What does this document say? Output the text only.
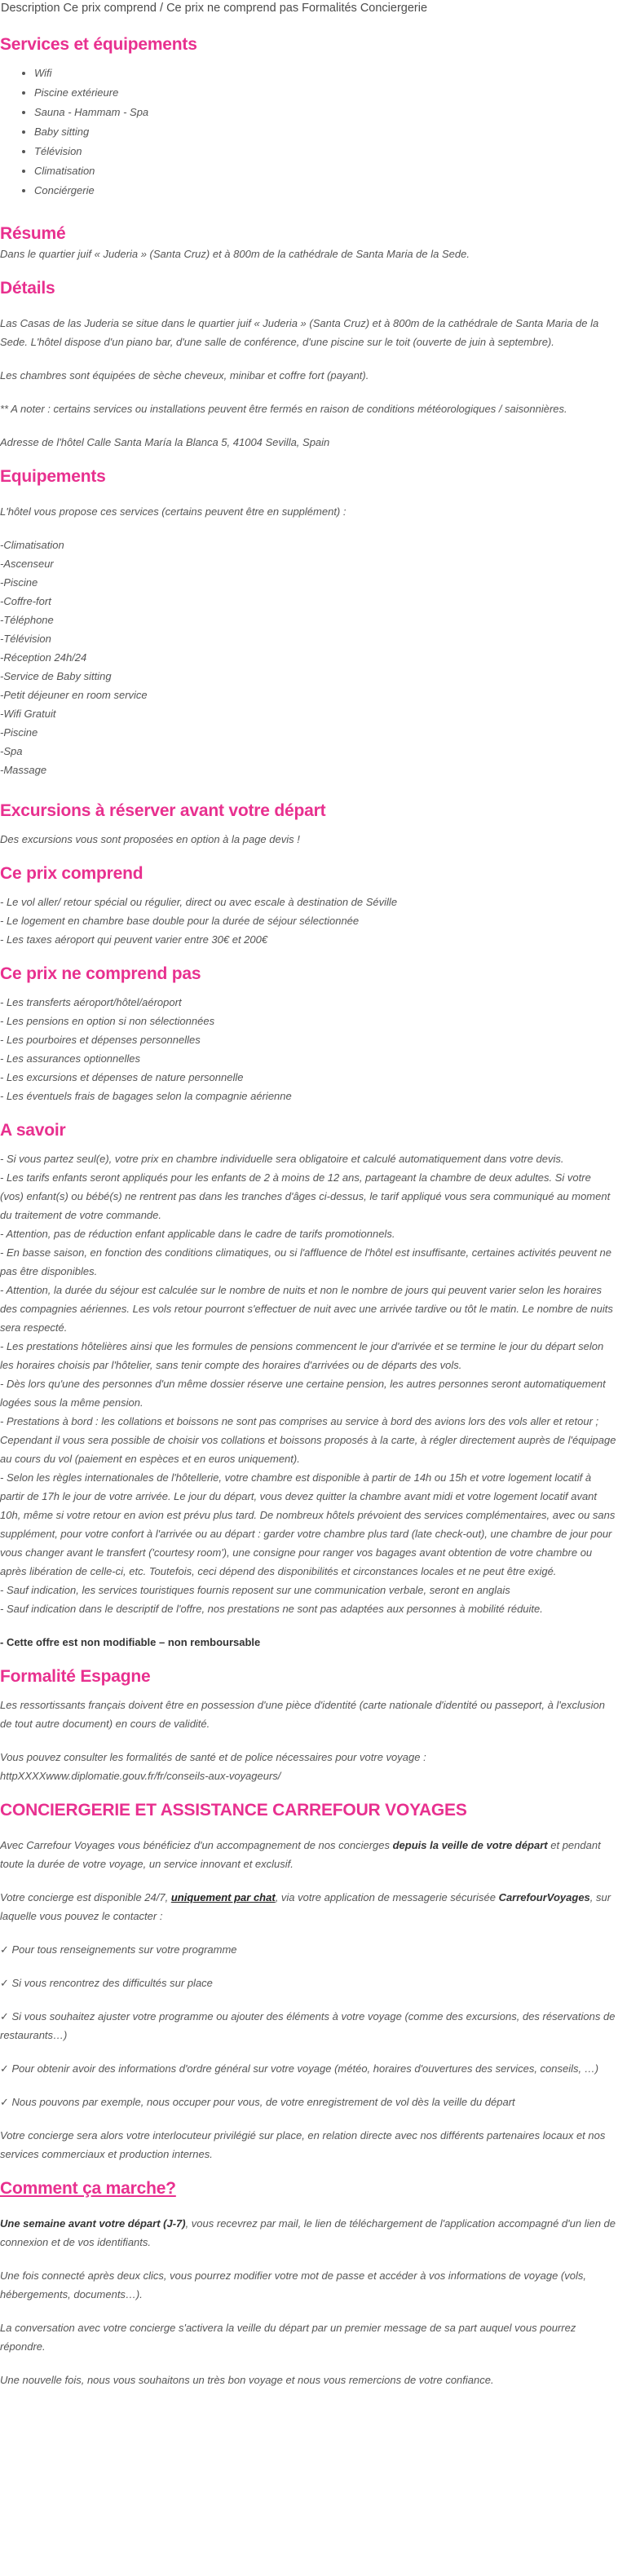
Description Ce prix comprend / Ce prix ne comprend pas Formalités Conciergerie
Services et équipements
• Wifi
• Piscine extérieure
• Sauna - Hammam - Spa
• Baby sitting
• Télévision
• Climatisation
• Conciérgerie
Résumé

Dans le quartier juif « Juderia » (Santa Cruz) et à 800m de la cathédrale de Santa Maria de la Sede.

Détails

Las Casas de las Juderia se situe dans le quartier juif « Juderia » (Santa Cruz) et à 800m de la cathédrale de Santa Maria de la Sede. L'hôtel dispose d'un piano bar, d'une salle de conférence, d'une piscine sur le toit (ouverte de juin à septembre).

Les chambres sont équipées de sèche cheveux, minibar et coffre fort (payant).

** A noter : certains services ou installations peuvent être fermés en raison de conditions météorologiques / saisonnières.

Adresse de l'hôtel Calle Santa María la Blanca 5, 41004 Sevilla, Spain

Equipements

L'hôtel vous propose ces services (certains peuvent être en supplément) :

-Climatisation
-Ascenseur
-Piscine
-Coffre-fort
-Téléphone
-Télévision
-Réception 24h/24
-Service de Baby sitting
-Petit déjeuner en room service
-Wifi Gratuit
-Piscine
-Spa
-Massage
Excursions à réserver avant votre départ

Des excursions vous sont proposées en option à la page devis !

Ce prix comprend
- Le vol aller/ retour spécial ou régulier, direct ou avec escale à destination de Séville
- Le logement en chambre base double pour la durée de séjour sélectionnée
- Les taxes aéroport qui peuvent varier entre 30€ et 200€
Ce prix ne comprend pas
- Les transferts aéroport/hôtel/aéroport
- Les pensions en option si non sélectionnées
- Les pourboires et dépenses personnelles
- Les assurances optionnelles
- Les excursions et dépenses de nature personnelle
- Les éventuels frais de bagages selon la compagnie aérienne
A savoir
- Si vous partez seul(e), votre prix en chambre individuelle sera obligatoire et calculé automatiquement dans votre devis.
- Les tarifs enfants seront appliqués pour les enfants de 2 à moins de 12 ans, partageant la chambre de deux adultes. Si votre (vos) enfant(s) ou bébé(s) ne rentrent pas dans les tranches d'âges ci-dessus, le tarif appliqué vous sera communiqué au moment du traitement de votre commande.
- Attention, pas de réduction enfant applicable dans le cadre de tarifs promotionnels.
- En basse saison, en fonction des conditions climatiques, ou si l'affluence de l'hôtel est insuffisante, certaines activités peuvent ne pas être disponibles.
- Attention, la durée du séjour est calculée sur le nombre de nuits et non le nombre de jours qui peuvent varier selon les horaires des compagnies aériennes. Les vols retour pourront s'effectuer de nuit avec une arrivée tardive ou tôt le matin. Le nombre de nuits sera respecté.
- Les prestations hôtelières ainsi que les formules de pensions commencent le jour d'arrivée et se termine le jour du départ selon les horaires choisis par l'hôtelier, sans tenir compte des horaires d'arrivées ou de départs des vols.
- Dès lors qu'une des personnes d'un même dossier réserve une certaine pension, les autres personnes seront automatiquement logées sous la même pension.
- Prestations à bord : les collations et boissons ne sont pas comprises au service à bord des avions lors des vols aller et retour ; Cependant il vous sera possible de choisir vos collations et boissons proposés à la carte, à régler directement auprès de l'équipage au cours du vol (paiement en espèces et en euros uniquement).
- Selon les règles internationales de l'hôtellerie, votre chambre est disponible à partir de 14h ou 15h et votre logement locatif à partir de 17h le jour de votre arrivée. Le jour du départ, vous devez quitter la chambre avant midi et votre logement locatif avant 10h, même si votre retour en avion est prévu plus tard. De nombreux hôtels prévoient des services complémentaires, avec ou sans supplément, pour votre confort à l'arrivée ou au départ : garder votre chambre plus tard (late check-out), une chambre de jour pour vous changer avant le transfert ('courtesy room'), une consigne pour ranger vos bagages avant obtention de votre chambre ou après libération de celle-ci, etc. Toutefois, ceci dépend des disponibilités et circonstances locales et ne peut être exigé.
- Sauf indication, les services touristiques fournis reposent sur une communication verbale, seront en anglais
- Sauf indication dans le descriptif de l'offre, nos prestations ne sont pas adaptées aux personnes à mobilité réduite.

- Cette offre est non modifiable – non remboursable

Formalité Espagne

Les ressortissants français doivent être en possession d'une pièce d'identité (carte nationale d'identité ou passeport, à l'exclusion de tout autre document) en cours de validité.

Vous pouvez consulter les formalités de santé et de police nécessaires pour votre voyage :

httpXXXXwww.diplomatie.gouv.fr/fr/conseils-aux-voyageurs/

CONCIERGERIE ET ASSISTANCE CARREFOUR VOYAGES

Avec Carrefour Voyages vous bénéficiez d'un accompagnement de nos concierges depuis la veille de votre départ et pendant toute la durée de votre voyage, un service innovant et exclusif.

Votre concierge est disponible 24/7, uniquement par chat, via votre application de messagerie sécurisée CarrefourVoyages, sur laquelle vous pouvez le contacter :

✓ Pour tous renseignements sur votre programme

✓ Si vous rencontrez des difficultés sur place

✓ Si vous souhaitez ajuster votre programme ou ajouter des éléments à votre voyage (comme des excursions, des réservations de restaurants…)

✓ Pour obtenir avoir des informations d'ordre général sur votre voyage (météo, horaires d'ouvertures des services, conseils, …)

✓ Nous pouvons par exemple, nous occuper pour vous, de votre enregistrement de vol dès la veille du départ

Votre concierge sera alors votre interlocuteur privilégié sur place, en relation directe avec nos différents partenaires locaux et nos services commerciaux et production internes.

Comment ça marche?

Une semaine avant votre départ (J-7), vous recevrez par mail, le lien de téléchargement de l'application accompagné d'un lien de connexion et de vos identifiants.

Une fois connecté après deux clics, vous pourrez modifier votre mot de passe et accéder à vos informations de voyage (vols, hébergements, documents…).

La conversation avec votre concierge s'activera la veille du départ par un premier message de sa part auquel vous pourrez répondre.

Une nouvelle fois, nous vous souhaitons un très bon voyage et nous vous remercions de votre confiance.
